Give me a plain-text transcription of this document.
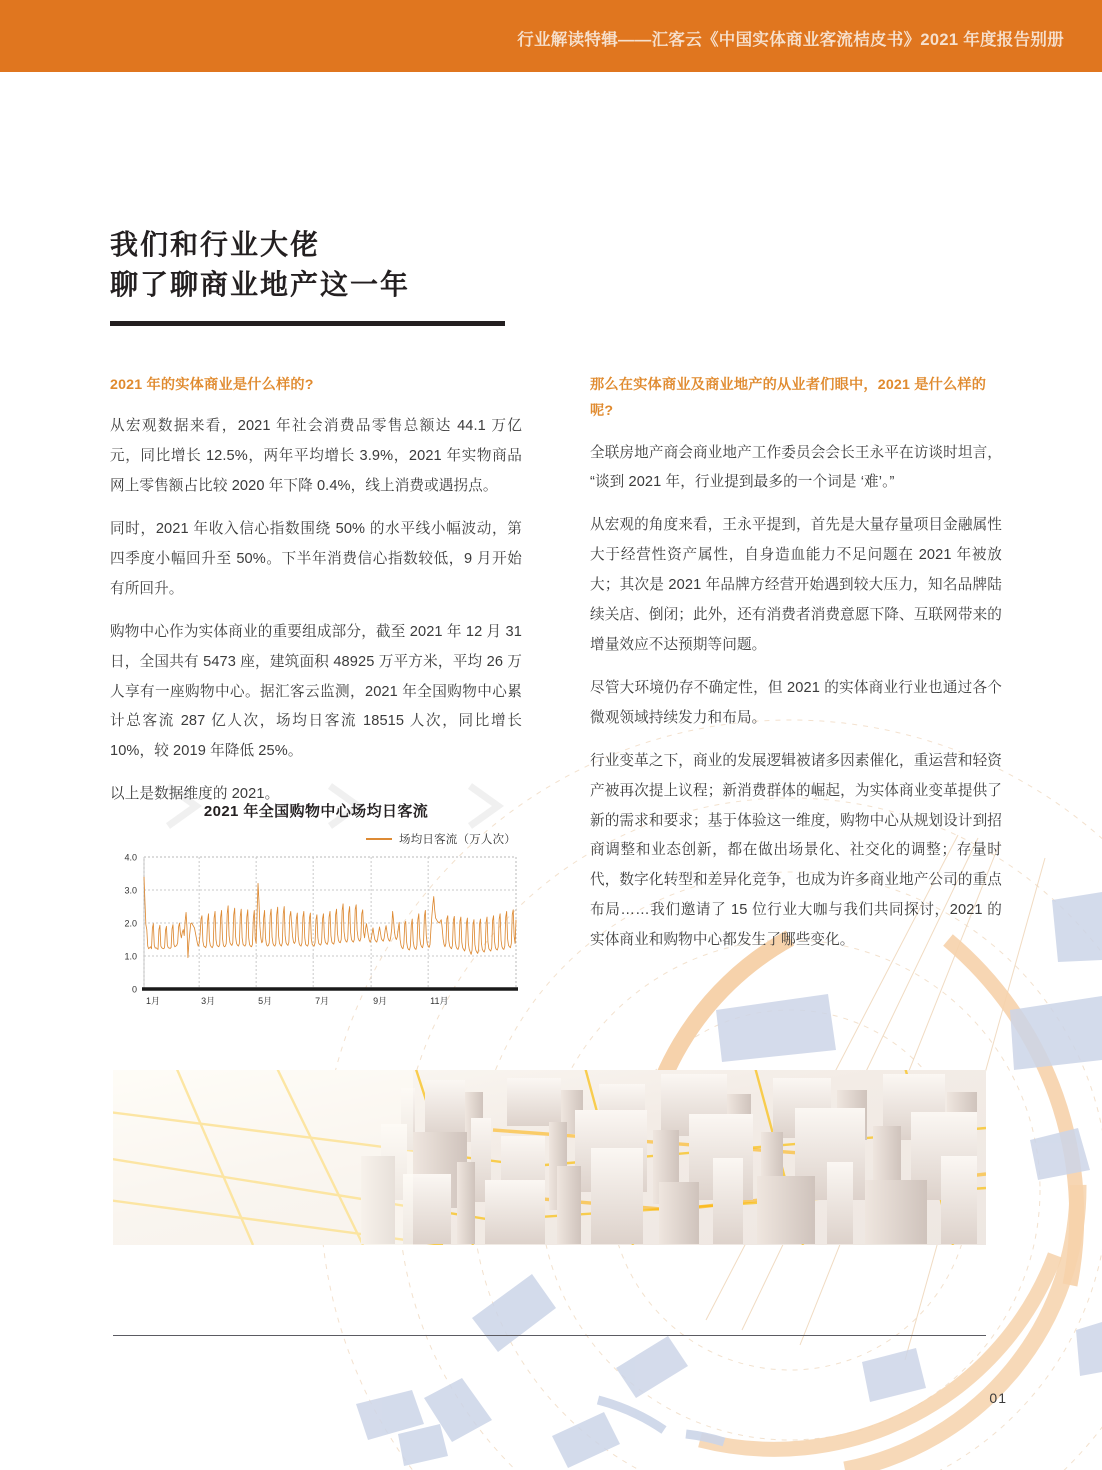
行业解读特辑——汇客云《中国实体商业客流桔皮书》2021 年度报告别册
我们和行业大佬
聊了聊商业地产这一年

2021 年的实体商业是什么样的?

从宏观数据来看，2021 年社会消费品零售总额达 44.1 万亿元，同比增长 12.5%，两年平均增长 3.9%，2021 年实物商品网上零售额占比较 2020 年下降 0.4%，线上消费或遇拐点。

同时，2021 年收入信心指数围绕 50% 的水平线小幅波动，第四季度小幅回升至 50%。下半年消费信心指数较低，9 月开始有所回升。

购物中心作为实体商业的重要组成部分，截至 2021 年 12 月 31 日，全国共有 5473 座，建筑面积 48925 万平方米，平均 26 万人享有一座购物中心。据汇客云监测，2021 年全国购物中心累计总客流 287 亿人次，场均日客流 18515 人次，同比增长 10%，较 2019 年降低 25%。

以上是数据维度的 2021。

那么在实体商业及商业地产的从业者们眼中，2021 是什么样的呢?

全联房地产商会商业地产工作委员会会长王永平在访谈时坦言，“谈到 2021 年，行业提到最多的一个词是 ‘难’。”

从宏观的角度来看，王永平提到，首先是大量存量项目金融属性大于经营性资产属性，自身造血能力不足问题在 2021 年被放大；其次是 2021 年品牌方经营开始遇到较大压力，知名品牌陆续关店、倒闭；此外，还有消费者消费意愿下降、互联网带来的增量效应不达预期等问题。

尽管大环境仍存不确定性，但 2021 的实体商业行业也通过各个微观领域持续发力和布局。

行业变革之下，商业的发展逻辑被诸多因素催化，重运营和轻资产被再次提上议程；新消费群体的崛起，为实体商业变革提供了新的需求和要求；基于体验这一维度，购物中心从规划设计到招商调整和业态创新，都在做出场景化、社交化的调整；存量时代，数字化转型和差异化竞争，也成为许多商业地产公司的重点布局……我们邀请了 15 位行业大咖与我们共同探讨，2021 的实体商业和购物中心都发生了哪些变化。

2021 年全国购物中心场均日客流
场均日客流（万人次）
0
1.0
2.0
3.0
4.0
1月	3月	5月	7月	9月	11月
01
